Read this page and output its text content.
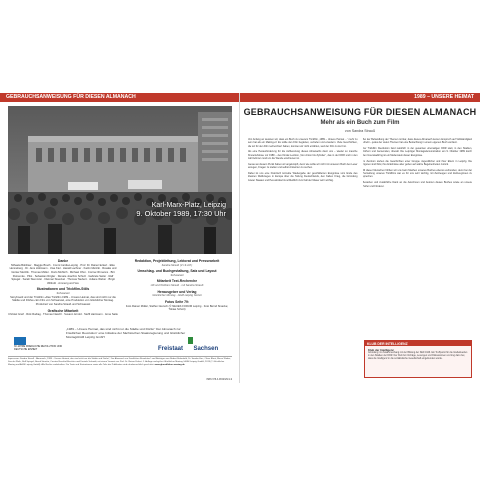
GEBRAUCHSANWEISUNG FÜR DIESEN ALMANACH
Karl-Marx-Platz, Leipzig
9. Oktober 1989, 17:30 Uhr
Danke
Mihaela Bobiliser · Maggie Brach · Conni Cardia-Leipzig · Prof. Dr. Rainer Eckert · Elke Henneberg · Dr. Jens Hüttmann · Uwe Kiel · Harald Lachner · Katrin Meitzki · Rosalie und Günter Metzlik · Thomas Müller · Doris Mühlich · Michael Ohst · Corina Ohmanns · Birt Peinemke · Pilot · Sebastian Rögler · Renate Joachim Schulz · Gabriele Seiler · Ralf Spiegel · Sarah Stemmler · Dietmar Stoeckel · Thomas Taubert · Juliane Weber · Birgit Willrodt · Ammerg und Vex
Illustrationen und Trickfilm-Stills
Schwarwel
Storyboard und der Trickfilm »Das Trickfilm 1989 – Unsere Heimat, das sind nicht nur die Städte und Dörfer« Ein Film von Schwarwel, eine Produktion von Glücklicher Montag. Produziert von Sandra Strauß und Schwarwel
Grafische Mitarbeit
Christel Greif · Rick Rudiag · Thomas Naschl · Susann Arnold · Steffi Hartmann · Anne Saile
Redaktion, Projektleitung, Lektorat und Pressearbeit
Sandra Strauß (V.i.S.d.P.)
Umschlag- und Buchgestaltung, Satz und Layout
Schwarwel
Mitarbeit Text-Recherche
Ulli und Wolfram Strauß · mit Sandra Strauß
Herausgeber und Verlag
Glücklicher Montag · AGM Leipzig GmbH
Fotos Seite 79:
Foto Rainer Müller, Steffen Giersch (© NEUES FORUM Leipzig · Foto Bernd Sinacke; Tobias Schott)
„1989 – Unsere Heimat, das sind nicht nur die Städte und Dörfer“ Der Almanach zur Friedlichen Revolution“ eine Initiative der Sächsischen Staatsregierung und Glücklicher Montag/AGM Leipzig GmbH
30 JAHRE FRIEDLICHE REVOLUTION UND DEUTSCHE EINHEIT	Freistaat Sachsen
Impressum: Sandra Strauß · Almanach „1989 – Unsere Heimat, das sind nicht nur die Städte und Dörfer“, Der Almanach zur Friedlichen Revolution“ und Beiträgen von Robert Birkenfeld, Dr. Sandra Hrn., Oliver Blunt, Marco Weber, Sascha Weih, Ralf Spiegel, Bernd Stroeka, Carsten Brechtel-Brechter und Daniela Schmidt, mit einem Vorwort von Prof. Dr. Rainer Eckert. 1. Auflage verlegt bei Glücklicher Montag / AGM Leipzig GmbH, 2019 (© Glücklicher Montag und AGM Leipzig GmbH). Alle Rechte vorbehalten. Die Texte und Illustrationen sowie alle Teile der Publikation sind urheberrechtlich geschützt. www.gluecklicher-montag.de
ISBN 978-3-9819329-9-9
1989 – UNSERE HEIMAT
GEBRAUCHSANWEISUNG FÜR DIESEN ALMANACH
Mehr als ein Buch zum Film
von Sandra Strauß

Von Anfang an wussten wir, dass ein Buch zu unserem Trickfilm „1989 – Unsere Heimat ...“ mehr zu sein hat als ein Making-of. Es sollte den Film begleiten, vertiefen und erweitern. Viele Geschichten, die wir für den Film recherchiert haben, konnten wir nicht erzählen, weil der Film zu kurz ist.

Als eine Herausforderung für die Aufbereitung dieses Almanachs dient uns – wieder so manche Kinoerlebnisse vor 1989 – des Kinder-Lexikon „Von Anton bis Zylinder“, das in der DDR und in den Jahrzehnten rund um die Wende erschienen ist.

Genau an diesem Punkt haben wir angeknüpft, denn wie sollte wir nicht mit unserem Buch den Leser anregen, Fragen zu stellen und selbst Antworten zu suchen.

Dabei ist uns eine historisch korrekte Wiedergabe der geschilderten Ereignisse vom Ende des Zweiten Weltkrieges in Europa über die Teilung Deutschlands, den Kalten Krieg, die Gründung zweier Staaten und Perestroika bis schließlich zum Fall der Mauer sehr wichtig.

Bei der Behandlung der Themen ist klar, dass dieses Almanach keinen Anspruch auf Vollständigkeit erhebt – jedes der vielen Themen hat eine Betrachtung in einem eigenen Buch verdient.

Der Trickfilm Revolution fand natürlich in der gesamten ehemaligen DDR statt, in den Städten, Dörfern und Gemeinden, überall. Die Leipziger Montagsdemonstration am 9. Oktober 1989 durch den Innenstadtring ist ein Meilenstein dieser Ereignisse.

Im Zentrum stehen die Geschichten einer Gruppe Jugendlicher und ihrer Eltern in Leipzig. Die Figuren sind fiktiv, ihre Erlebnisse aber gehen auf wahre Begebenheiten zurück.

All dieser Menschen fühlten wir uns beim Machen unseres Buches ebenso verbunden, denn bei der Herstellung unseres Trickfilms war es für uns sehr wichtig, mit Zeitzeugen und Zeitzeuginnen zu sprechen.

Bestehen und zusätzliche Dank an die Autorinnen und Autoren dieses Buches sowie an unsere Helfer und Förderer.

KLUB DER INTELLIGENZ
Klub der Intelligenz
Gründung: im Zusammenhang mit der Bildung der SED 1946. Ein Treffpunkt für die Intellektuellen in den Städten der DDR. Der Klub bot Vorträge, Lesungen und Diskussionen und trug dazu bei, dass die Intelligenz in die sozialistische Gesellschaft eingebunden wurde.
